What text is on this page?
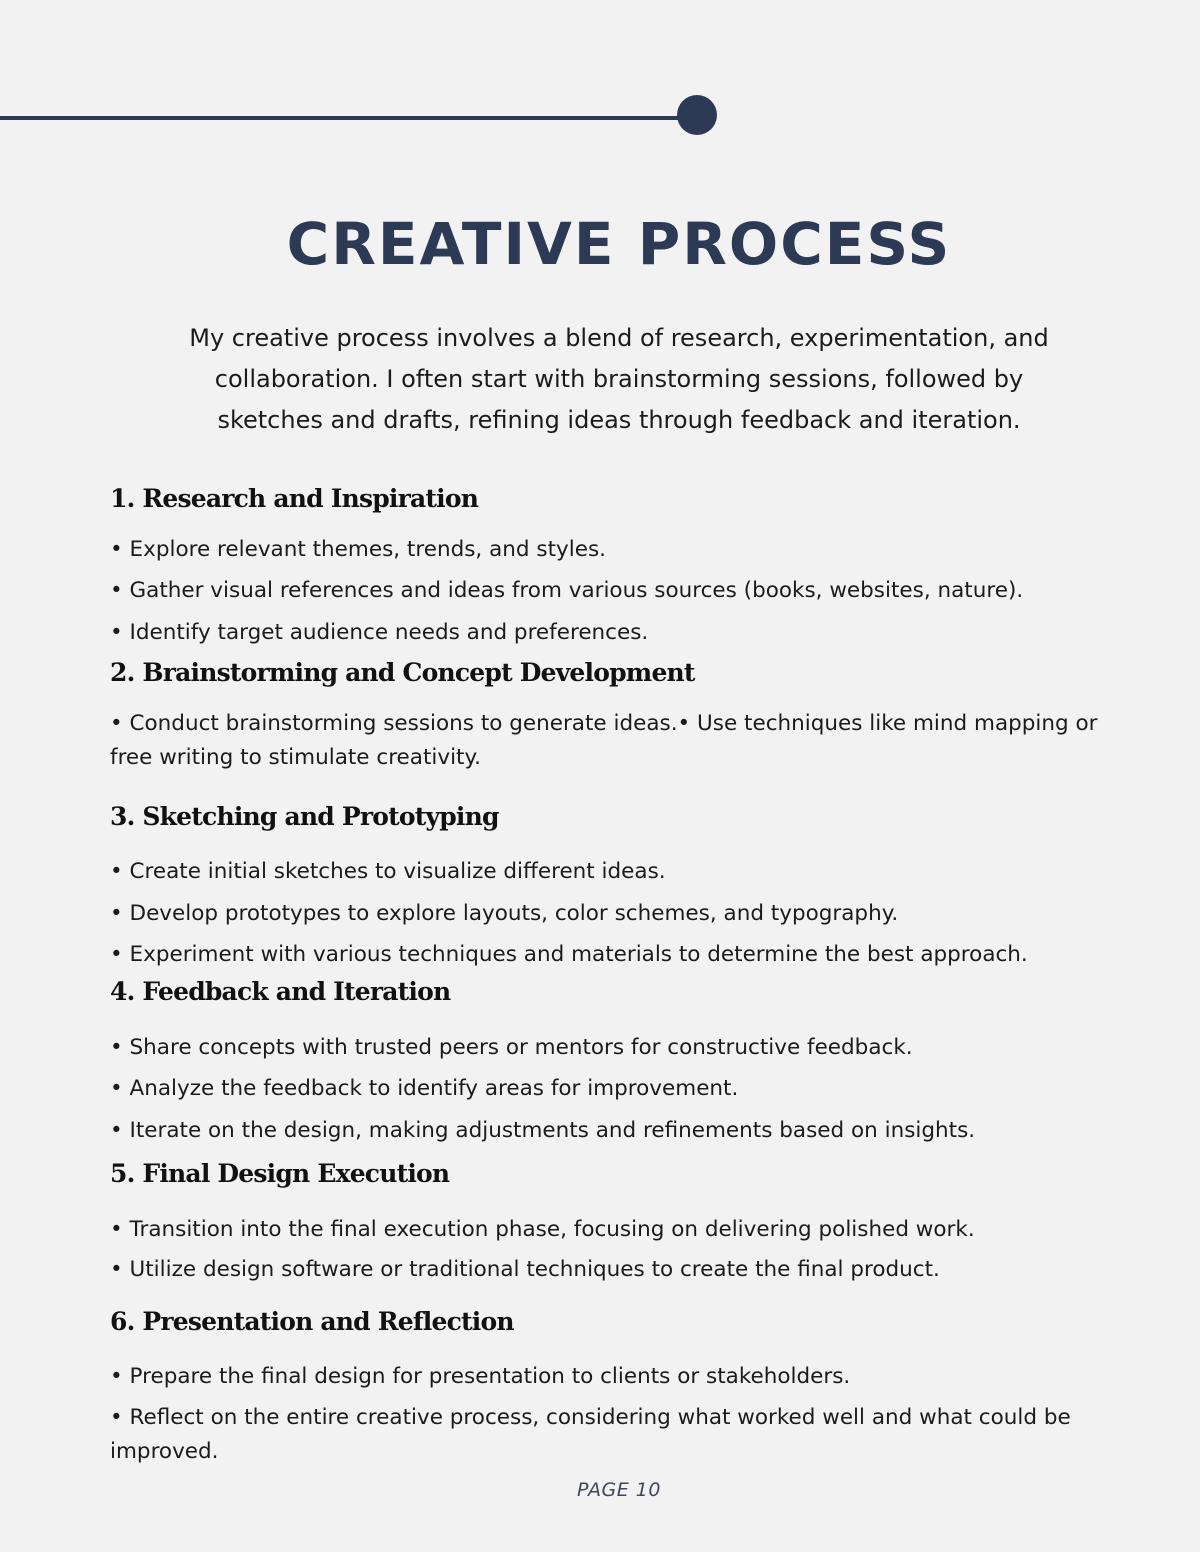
CREATIVE PROCESS

My creative process involves a blend of research, experimentation, and collaboration. I often start with brainstorming sessions, followed by sketches and drafts, refining ideas through feedback and iteration.

1. Research and Inspiration

• Explore relevant themes, trends, and styles.

• Gather visual references and ideas from various sources (books, websites, nature).

• Identify target audience needs and preferences.

2. Brainstorming and Concept Development

• Conduct brainstorming sessions to generate ideas.• Use techniques like mind mapping or free writing to stimulate creativity.

3. Sketching and Prototyping

• Create initial sketches to visualize different ideas.

• Develop prototypes to explore layouts, color schemes, and typography.

• Experiment with various techniques and materials to determine the best approach.

4. Feedback and Iteration

• Share concepts with trusted peers or mentors for constructive feedback.

• Analyze the feedback to identify areas for improvement.

• Iterate on the design, making adjustments and refinements based on insights.

5. Final Design Execution

• Transition into the final execution phase, focusing on delivering polished work.

• Utilize design software or traditional techniques to create the final product.

6. Presentation and Reflection

• Prepare the final design for presentation to clients or stakeholders.

• Reflect on the entire creative process, considering what worked well and what could be improved.

PAGE 10
